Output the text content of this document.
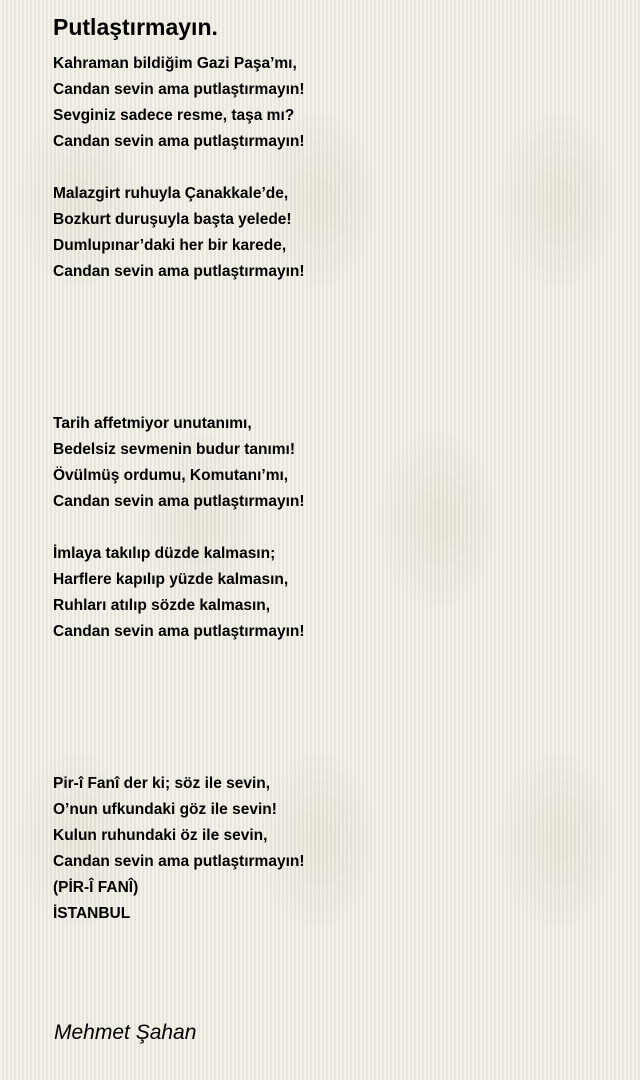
Putlaştırmayın.
Kahraman bildiğim Gazi Paşa’mı,
Candan sevin ama putlaştırmayın!
Sevginiz sadece resme, taşa mı?
Candan sevin ama putlaştırmayın!
Malazgirt ruhuyla Çanakkale’de,
Bozkurt duruşuyla başta yelede!
Dumlupınar’daki her bir karede,
Candan sevin ama putlaştırmayın!
Tarih affetmiyor unutanımı,
Bedelsiz sevmenin budur tanımı!
Övülmüş ordumu, Komutanı’mı,
Candan sevin ama putlaştırmayın!
İmlaya takılıp düzde kalmasın;
Harflere kapılıp yüzde kalmasın,
Ruhları atılıp sözde kalmasın,
Candan sevin ama putlaştırmayın!
Pir-î Fanî der ki; söz ile sevin,
O’nun ufkundaki göz ile sevin!
Kulun ruhundaki öz ile sevin,
Candan sevin ama putlaştırmayın!
(PİR-Î FANÎ)
İSTANBUL
Mehmet Şahan
